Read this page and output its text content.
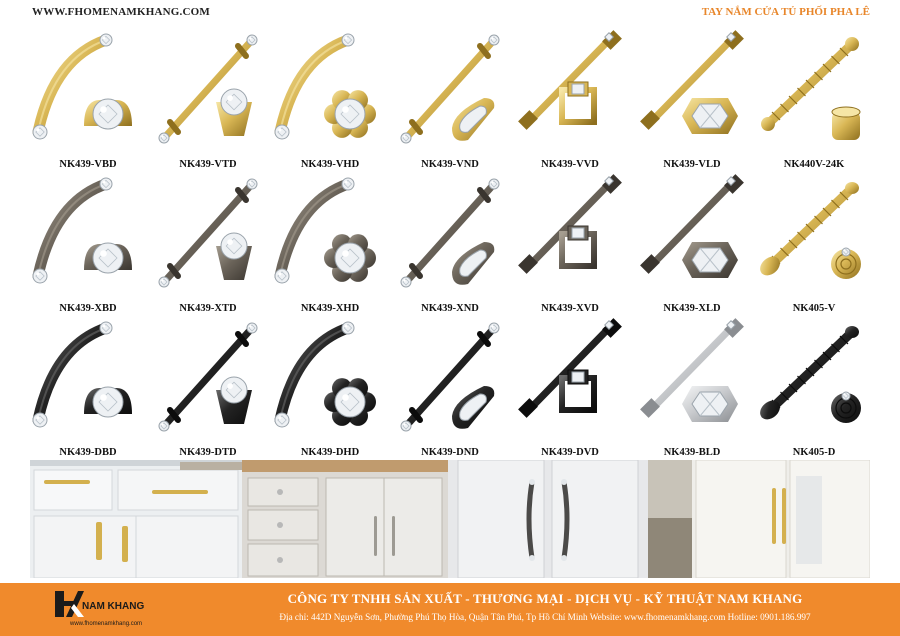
WWW.FHOMENAMKHANG.COM	TAY NẮM CỬA TỦ PHỐI PHA LÊ
NK439-VBD	NK439-VTD	NK439-VHD	NK439-VND	NK439-VVD	NK439-VLD	NK440V-24K
NK439-XBD	NK439-XTD	NK439-XHD	NK439-XND	NK439-XVD	NK439-XLD	NK405-V
NK439-DBD	NK439-DTD	NK439-DHD	NK439-DND	NK439-DVD	NK439-BLD	NK405-D
NAM KHANG
www.fhomenamkhang.com
CÔNG TY TNHH SẢN XUẤT - THƯƠNG MẠI - DỊCH VỤ - KỸ THUẬT NAM KHANG
Địa chỉ: 442D Nguyễn Sơn, Phường Phú Thọ Hòa, Quận Tân Phú, Tp Hồ Chí Minh Website: www.fhomenamkhang.com Hotline: 0901.186.997
